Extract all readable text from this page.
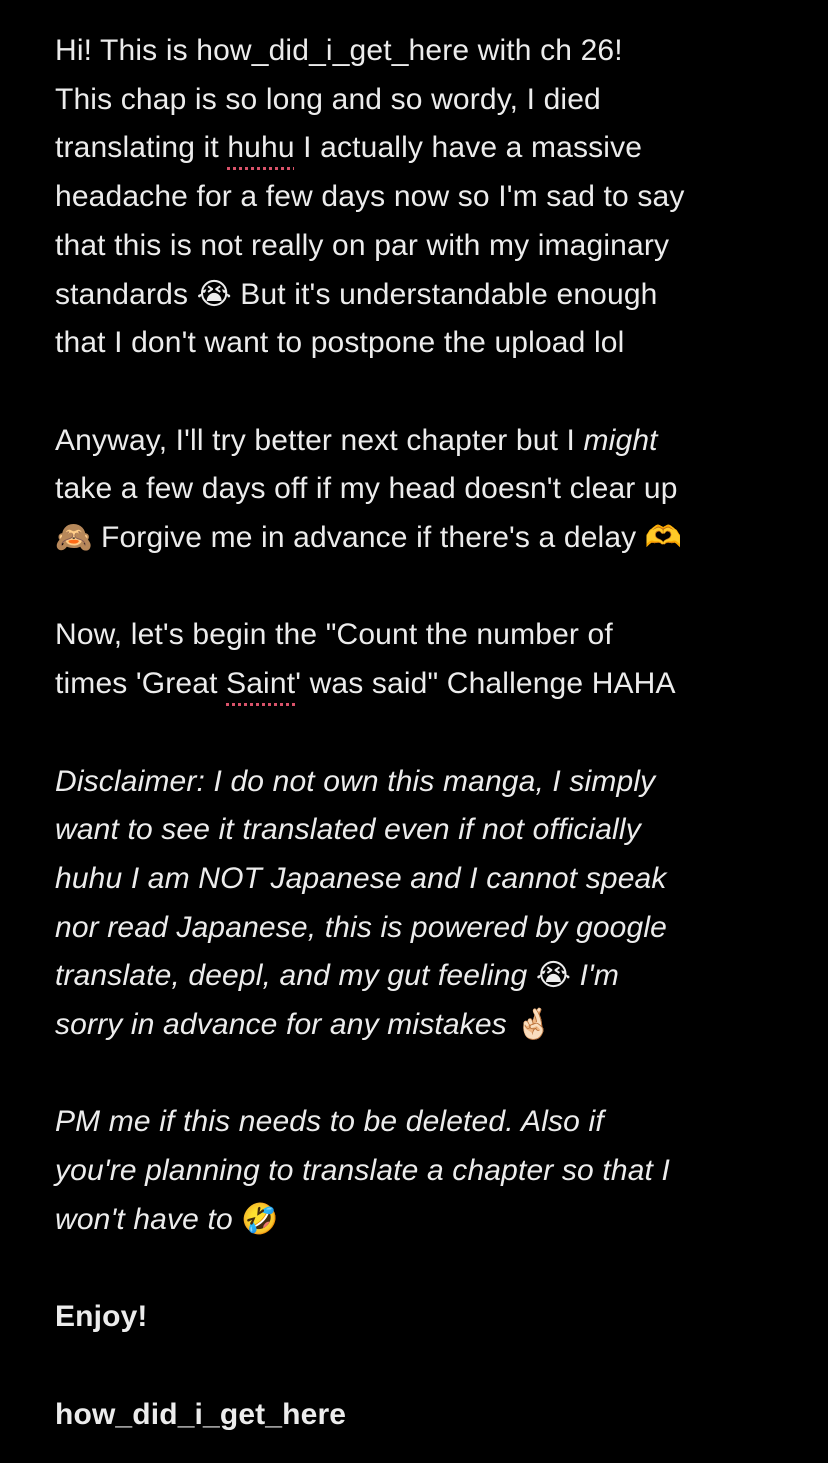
Hi! This is how_did_i_get_here with ch 26!
This chap is so long and so wordy, I died
translating it huhu I actually have a massive
headache for a few days now so I'm sad to say
that this is not really on par with my imaginary
standards 😭 But it's understandable enough
that I don't want to postpone the upload lol
Anyway, I'll try better next chapter but I might
take a few days off if my head doesn't clear up
🙈 Forgive me in advance if there's a delay 🫶
Now, let's begin the "Count the number of
times 'Great Saint' was said" Challenge HAHA
Disclaimer: I do not own this manga, I simply
want to see it translated even if not officially
huhu I am NOT Japanese and I cannot speak
nor read Japanese, this is powered by google
translate, deepl, and my gut feeling 😭 I'm
sorry in advance for any mistakes 🤞🏻
PM me if this needs to be deleted. Also if
you're planning to translate a chapter so that I
won't have to 🤣
Enjoy!
how_did_i_get_here
